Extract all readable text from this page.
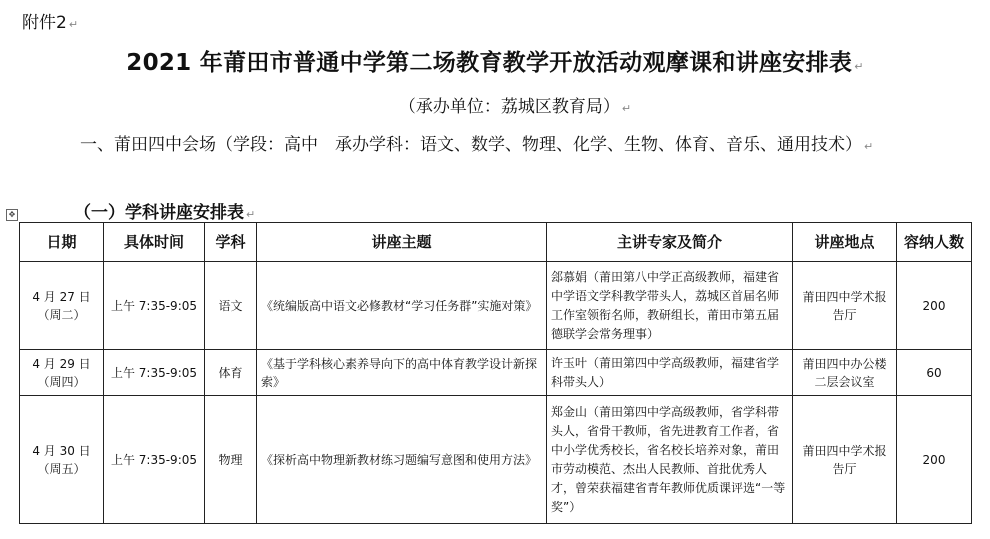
附件2 ↵
2021 年莆田市普通中学第二场教育教学开放活动观摩课和讲座安排表 ↵
（承办单位：荔城区教育局） ↵
一、莆田四中会场（学段：高中　承办学科：语文、数学、物理、化学、生物、体育、音乐、通用技术） ↵
✥	（一）学科讲座安排表 ↵
日期	具体时间	学科	讲座主题	主讲专家及简介	讲座地点	容纳人数
4 月 27 日（周二）	上午 7:35-9:05	语文	《统编版高中语文必修教材“学习任务群”实施对策》	郐慕娟（莆田第八中学正高级教师，福建省中学语文学科教学带头人，荔城区首届名师工作室领衔名师，教研组长，莆田市第五届德联学会常务理事）	莆田四中学术报告厅	200
4 月 29 日（周四）	上午 7:35-9:05	体育	《基于学科核心素养导向下的高中体育教学设计新探索》	许玉叶（莆田第四中学高级教师，福建省学科带头人）	莆田四中办公楼二层会议室	60
4 月 30 日（周五）	上午 7:35-9:05	物理	《探析高中物理新教材练习题编写意图和使用方法》	郑金山（莆田第四中学高级教师，省学科带头人，省骨干教师，省先进教育工作者，省中小学优秀校长，省名校长培养对象，莆田市劳动模范、杰出人民教师、首批优秀人才，曾荣获福建省青年教师优质课评选“一等奖”）	莆田四中学术报告厅	200
